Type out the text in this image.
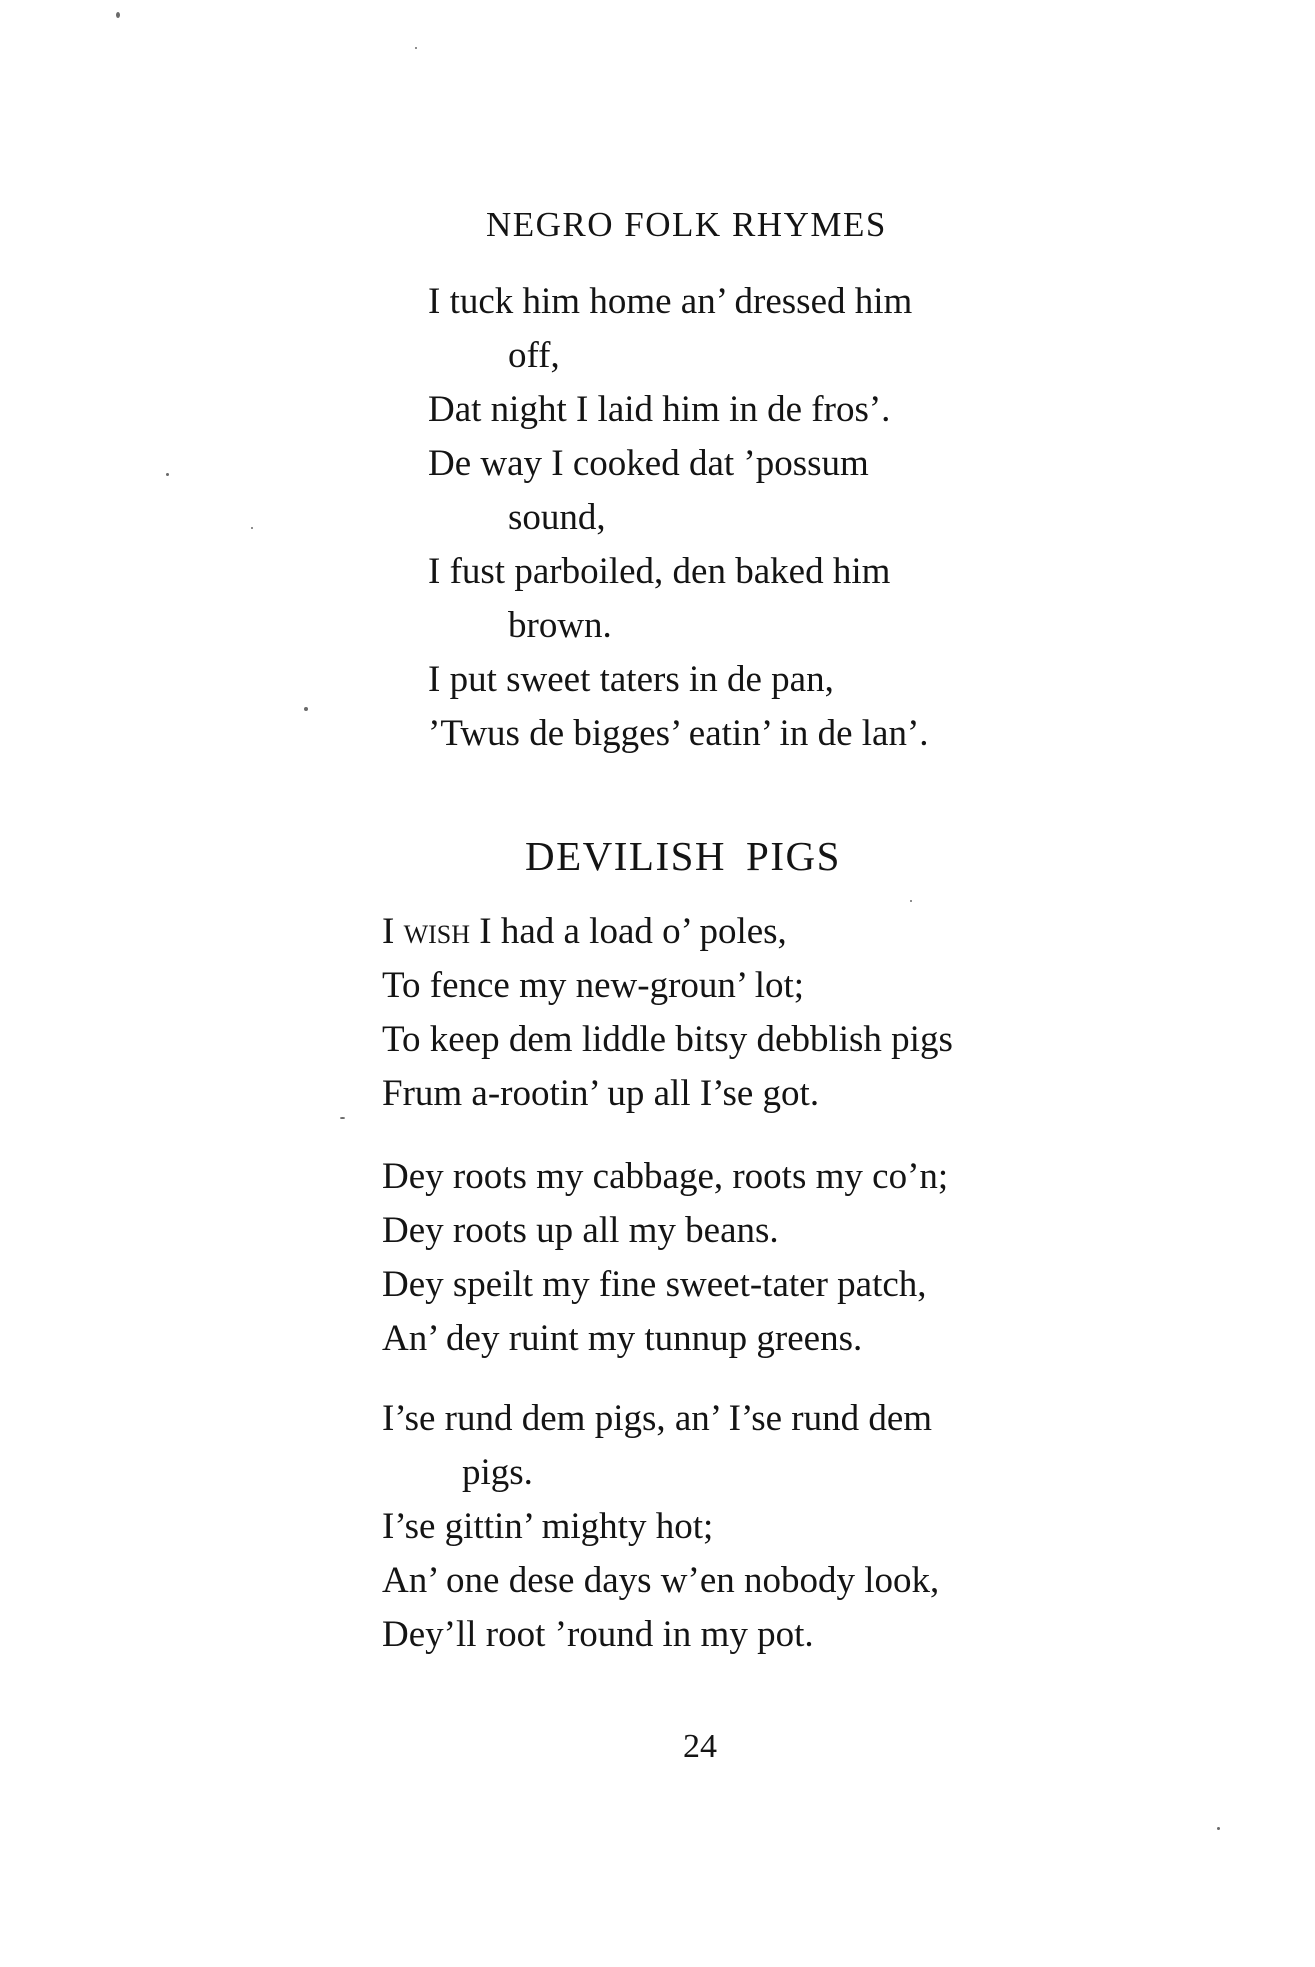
NEGRO FOLK RHYMES
I tuck him home an’ dressed him
off,
Dat night I laid him in de fros’.
De way I cooked dat ’possum
sound,
I fust parboiled, den baked him
brown.
I put sweet taters in de pan,
’Twus de bigges’ eatin’ in de lan’.
DEVILISH PIGS
I wish I had a load o’ poles,
To fence my new-groun’ lot;
To keep dem liddle bitsy debblish pigs
Frum a-rootin’ up all I’se got.
Dey roots my cabbage, roots my co’n;
Dey roots up all my beans.
Dey speilt my fine sweet-tater patch,
An’ dey ruint my tunnup greens.
I’se rund dem pigs, an’ I’se rund dem
pigs.
I’se gittin’ mighty hot;
An’ one dese days w’en nobody look,
Dey’ll root ’round in my pot.
24
